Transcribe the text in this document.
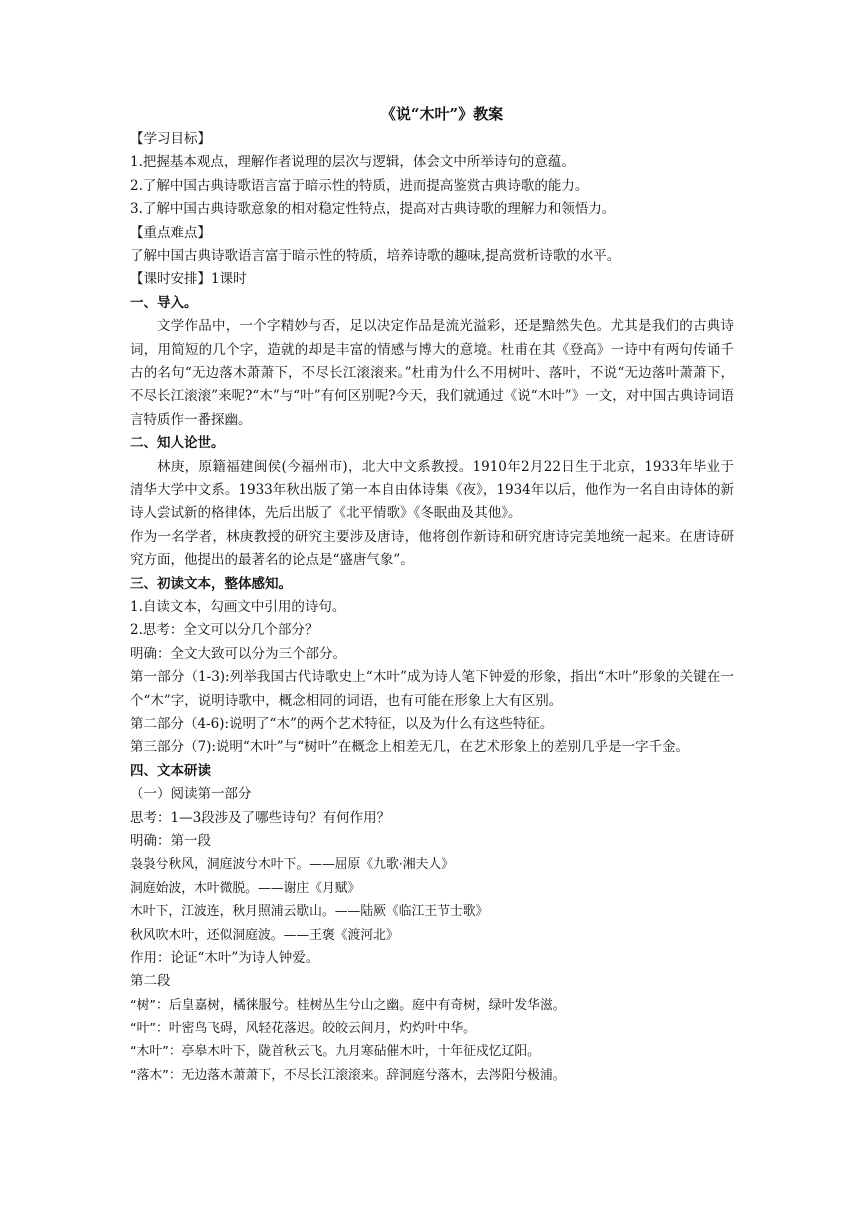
《说“木叶”》教案
【学习目标】
1.把握基本观点，理解作者说理的层次与逻辑，体会文中所举诗句的意蕴。
2.了解中国古典诗歌语言富于暗示性的特质，进而提高鉴赏古典诗歌的能力。
3.了解中国古典诗歌意象的相对稳定性特点，提高对古典诗歌的理解力和领悟力。
【重点难点】
了解中国古典诗歌语言富于暗示性的特质，培养诗歌的趣味,提高赏析诗歌的水平。
【课时安排】1课时
一、导入。
文学作品中，一个字精妙与否，足以决定作品是流光溢彩，还是黯然失色。尤其是我们的古典诗词，用简短的几个字，造就的却是丰富的情感与博大的意境。杜甫在其《登高》一诗中有两句传诵千古的名句“无边落木萧萧下，不尽长江滚滚来。”杜甫为什么不用树叶、落叶，不说“无边落叶萧萧下，不尽长江滚滚”来呢?“木”与“叶”有何区别呢?今天，我们就通过《说“木叶”》一文，对中国古典诗词语言特质作一番探幽。
二、知人论世。
林庚，原籍福建闽侯(今福州市)，北大中文系教授。1910年2月22日生于北京，1933年毕业于清华大学中文系。1933年秋出版了第一本自由体诗集《夜》，1934年以后，他作为一名自由诗体的新诗人尝试新的格律体，先后出版了《北平情歌》《冬眠曲及其他》。
作为一名学者，林庚教授的研究主要涉及唐诗，他将创作新诗和研究唐诗完美地统一起来。在唐诗研究方面，他提出的最著名的论点是“盛唐气象”。
三、初读文本，整体感知。
1.自读文本，勾画文中引用的诗句。
2.思考：全文可以分几个部分？
明确：全文大致可以分为三个部分。
第一部分（1-3):列举我国古代诗歌史上“木叶”成为诗人笔下钟爱的形象，指出“木叶”形象的关键在一个“木”字，说明诗歌中，概念相同的词语，也有可能在形象上大有区别。
第二部分（4-6):说明了“木”的两个艺术特征，以及为什么有这些特征。
第三部分（7):说明“木叶”与“树叶”在概念上相差无几，在艺术形象上的差别几乎是一字千金。
四、文本研读
（一）阅读第一部分
思考：1—3段涉及了哪些诗句？有何作用？
明确：第一段
袅袅兮秋风，洞庭波兮木叶下。——屈原《九歌·湘夫人》
洞庭始波，木叶微脱。——谢庄《月赋》
木叶下，江波连，秋月照浦云歇山。——陆厥《临江王节士歌》
秋风吹木叶，还似洞庭波。——王褒《渡河北》
作用：论证“木叶”为诗人钟爱。
第二段
“树”：后皇嘉树，橘徕服兮。桂树丛生兮山之幽。庭中有奇树，绿叶发华滋。
“叶”：叶密鸟飞碍，风轻花落迟。皎皎云间月，灼灼叶中华。
“木叶”：亭皋木叶下，陇首秋云飞。九月寒砧催木叶，十年征戍忆辽阳。
“落木”：无边落木萧萧下，不尽长江滚滚来。辞洞庭兮落木，去涔阳兮极浦。
